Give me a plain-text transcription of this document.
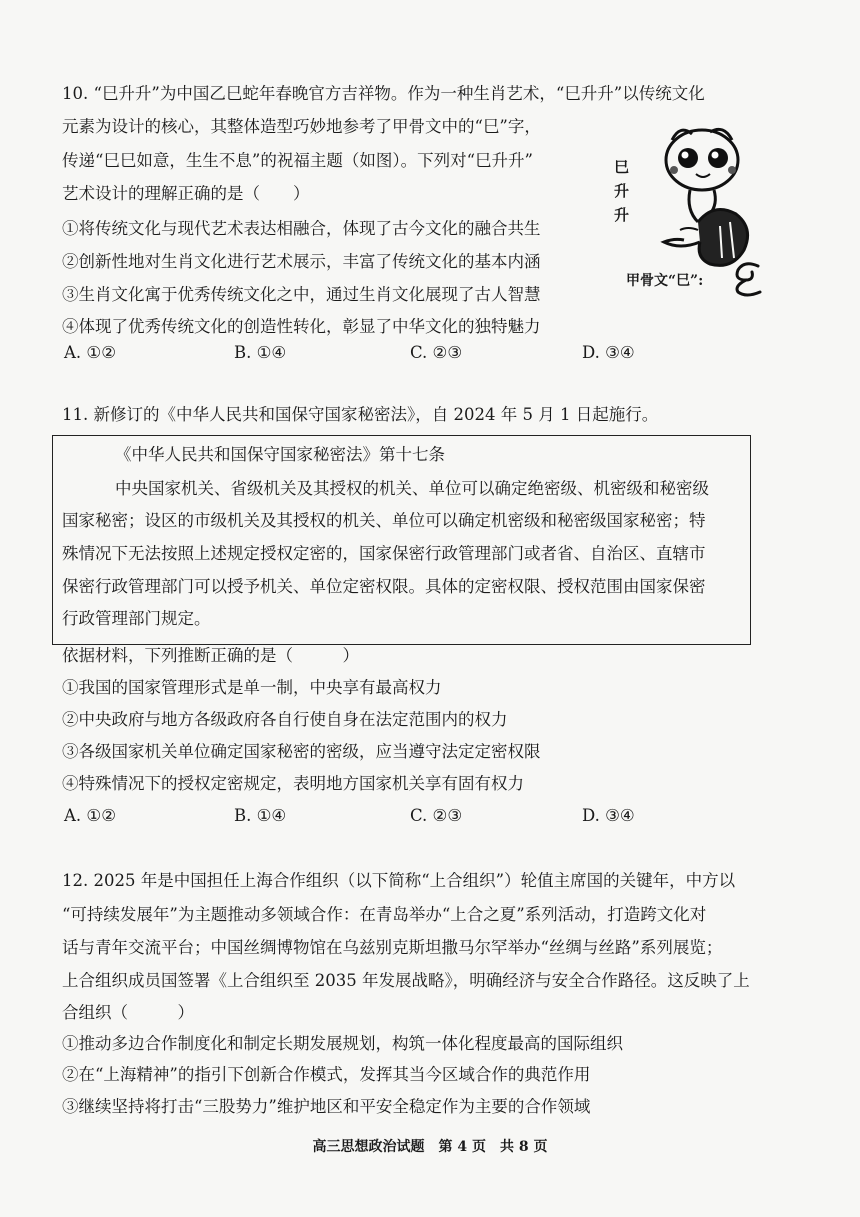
10. “巳升升”为中国乙巳蛇年春晚官方吉祥物。作为一种生肖艺术，“巳升升”以传统文化
元素为设计的核心，其整体造型巧妙地参考了甲骨文中的“巳”字，
传递“巳巳如意，生生不息”的祝福主题（如图）。下列对“巳升升”
艺术设计的理解正确的是（　　）
①将传统文化与现代艺术表达相融合，体现了古今文化的融合共生
②创新性地对生肖文化进行艺术展示，丰富了传统文化的基本内涵
③生肖文化寓于优秀传统文化之中，通过生肖文化展现了古人智慧
④体现了优秀传统文化的创造性转化，彰显了中华文化的独特魅力
A. ①②	B. ①④	C. ②③	D. ③④
巳
升
升
甲骨文“巳”:
11. 新修订的《中华人民共和国保守国家秘密法》，自 2024 年 5 月 1 日起施行。
《中华人民共和国保守国家秘密法》第十七条
中央国家机关、省级机关及其授权的机关、单位可以确定绝密级、机密级和秘密级
国家秘密；设区的市级机关及其授权的机关、单位可以确定机密级和秘密级国家秘密；特
殊情况下无法按照上述规定授权定密的，国家保密行政管理部门或者省、自治区、直辖市
保密行政管理部门可以授予机关、单位定密权限。具体的定密权限、授权范围由国家保密
行政管理部门规定。
依据材料，下列推断正确的是（　　　）
①我国的国家管理形式是单一制，中央享有最高权力
②中央政府与地方各级政府各自行使自身在法定范围内的权力
③各级国家机关单位确定国家秘密的密级，应当遵守法定定密权限
④特殊情况下的授权定密规定，表明地方国家机关享有固有权力
A. ①②	B. ①④	C. ②③	D. ③④
12. 2025 年是中国担任上海合作组织（以下简称“上合组织”）轮值主席国的关键年，中方以
“可持续发展年”为主题推动多领域合作：在青岛举办“上合之夏”系列活动，打造跨文化对
话与青年交流平台；中国丝绸博物馆在乌兹别克斯坦撒马尔罕举办“丝绸与丝路”系列展览；
上合组织成员国签署《上合组织至 2035 年发展战略》，明确经济与安全合作路径。这反映了上
合组织（　　　）
①推动多边合作制度化和制定长期发展规划，构筑一体化程度最高的国际组织
②在“上海精神”的指引下创新合作模式，发挥其当今区域合作的典范作用
③继续坚持将打击“三股势力”维护地区和平安全稳定作为主要的合作领域
高三思想政治试题　第 4 页　共 8 页
